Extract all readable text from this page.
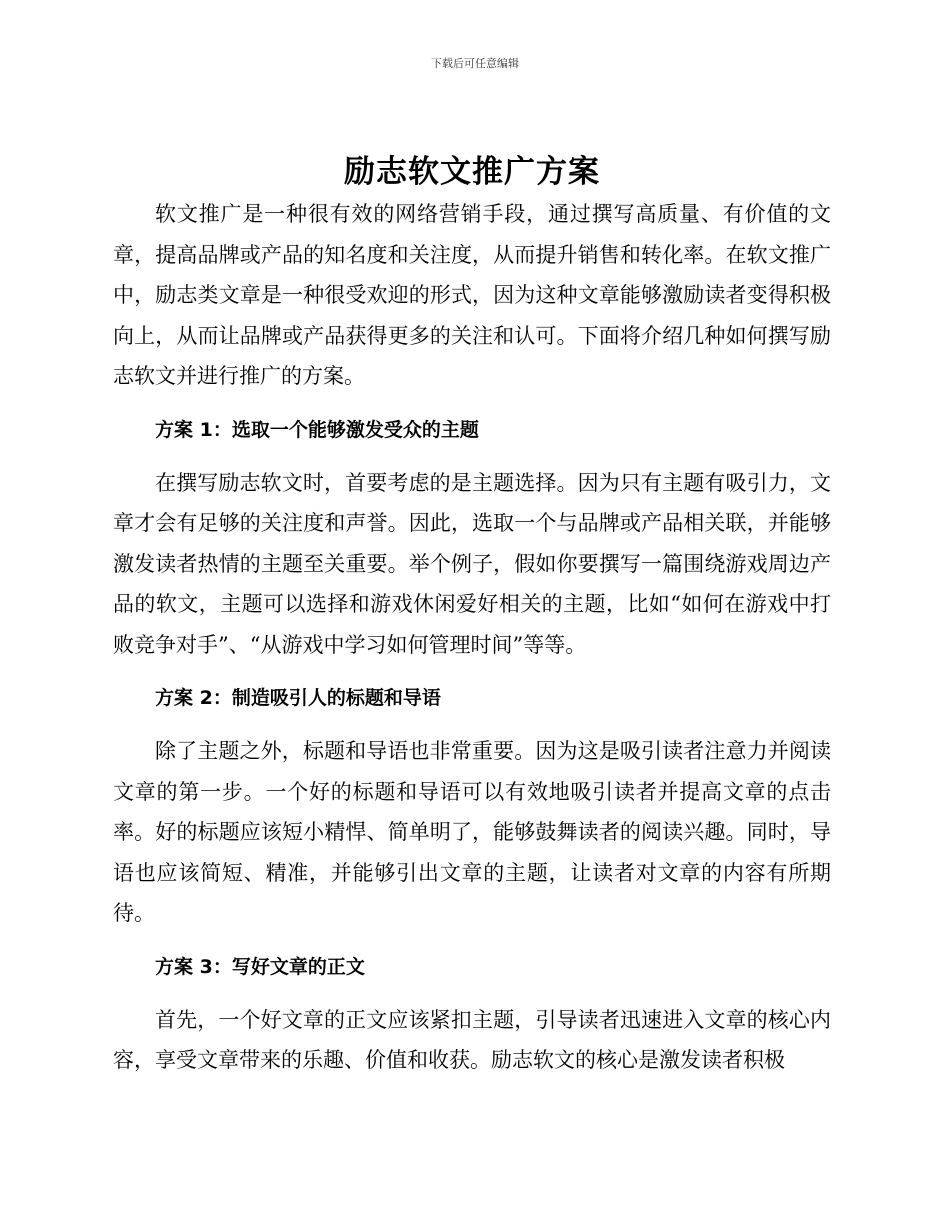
下载后可任意编辑
励志软文推广方案

软文推广是一种很有效的网络营销手段，通过撰写高质量、有价值的文章，提高品牌或产品的知名度和关注度，从而提升销售和转化率。在软文推广中，励志类文章是一种很受欢迎的形式，因为这种文章能够激励读者变得积极向上，从而让品牌或产品获得更多的关注和认可。下面将介绍几种如何撰写励志软文并进行推广的方案。

方案 1：选取一个能够激发受众的主题

在撰写励志软文时，首要考虑的是主题选择。因为只有主题有吸引力，文章才会有足够的关注度和声誉。因此，选取一个与品牌或产品相关联，并能够激发读者热情的主题至关重要。举个例子，假如你要撰写一篇围绕游戏周边产品的软文，主题可以选择和游戏休闲爱好相关的主题，比如“如何在游戏中打败竞争对手”、“从游戏中学习如何管理时间”等等。

方案 2：制造吸引人的标题和导语

除了主题之外，标题和导语也非常重要。因为这是吸引读者注意力并阅读文章的第一步。一个好的标题和导语可以有效地吸引读者并提高文章的点击率。好的标题应该短小精悍、简单明了，能够鼓舞读者的阅读兴趣。同时，导语也应该简短、精准，并能够引出文章的主题，让读者对文章的内容有所期待。

方案 3：写好文章的正文

首先，一个好文章的正文应该紧扣主题，引导读者迅速进入文章的核心内容，享受文章带来的乐趣、价值和收获。励志软文的核心是激发读者积极
